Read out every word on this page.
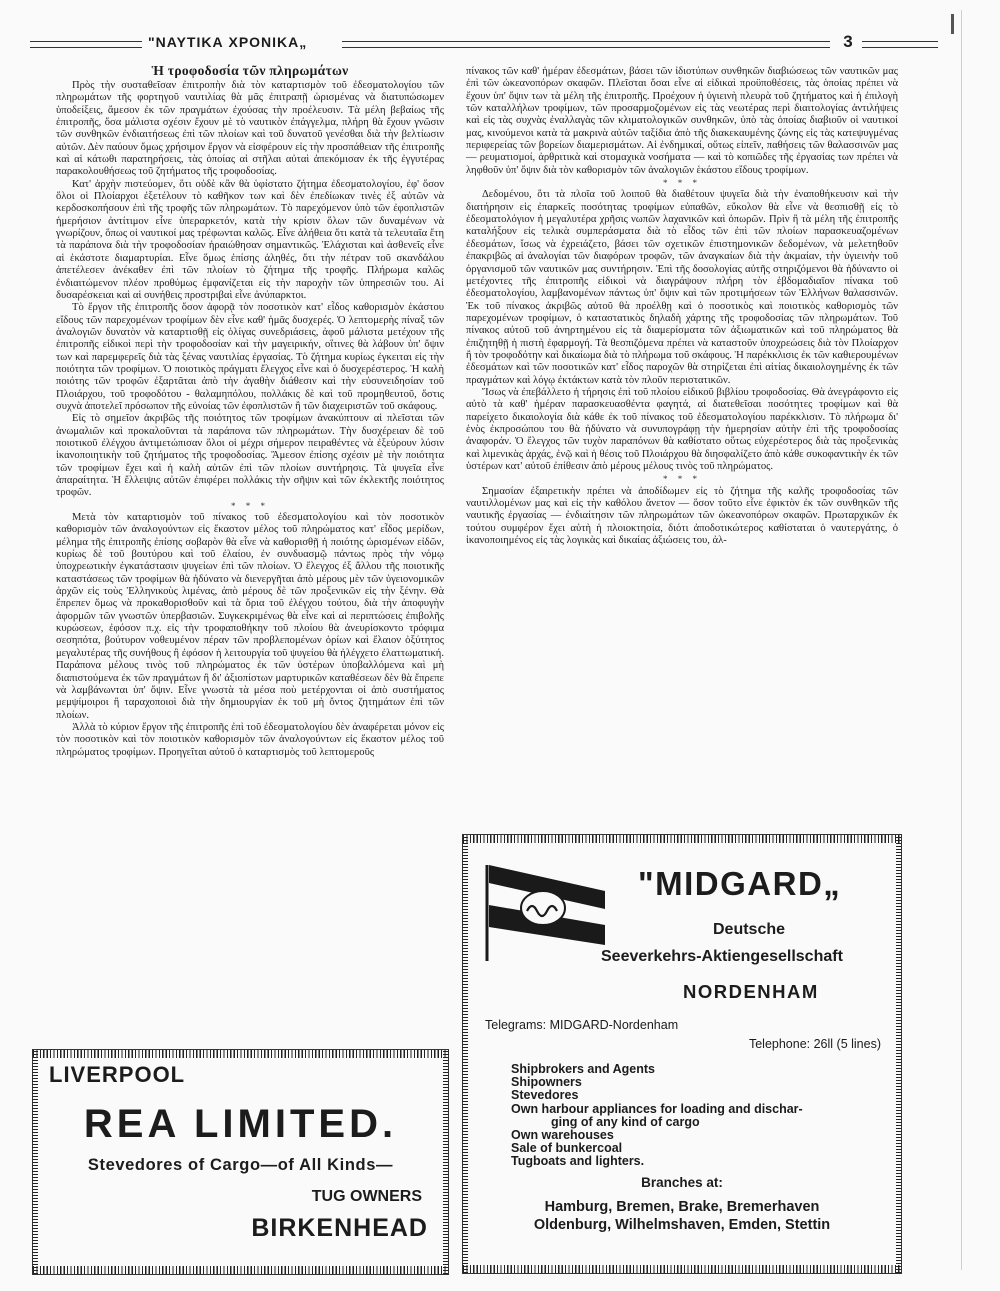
"ΝΑΥΤΙΚΑ ΧΡΟΝΙΚΑ„	3

Ἡ τροφοδοσία τῶν πληρωμάτων

Πρὸς τὴν συσταθεῖσαν ἐπιτροπὴν διὰ τὸν καταρτισμὸν τοῦ ἐδεσματολογίου τῶν πληρωμάτων τῆς φορτηγοῦ ναυτιλίας θὰ μᾶς ἐπιτραπῇ ὡρισμένας νὰ διατυπώσωμεν ὑποδείξεις, ἄμεσον ἐκ τῶν πραγμάτων ἐχούσας τὴν προέλευσιν. Τὰ μέλη βεβαίως τῆς ἐπιτροπῆς, ὅσα μάλιστα σχέσιν ἔχουν μὲ τὸ ναυτικὸν ἐπάγγελμα, πλήρη θὰ ἔχουν γνῶσιν τῶν συνθηκῶν ἐνδιαιτήσεως ἐπὶ τῶν πλοίων καὶ τοῦ δυνατοῦ γενέσθαι διὰ τὴν βελτίωσιν αὐτῶν. Δὲν παύουν ὅμως χρήσιμον ἔργον νὰ εἰσφέρουν εἰς τὴν προσπάθειαν τῆς ἐπιτροπῆς καὶ αἱ κάτωθι παρατηρήσεις, τὰς ὁποίας αἱ στῆλαι αὐταὶ ἀπεκόμισαν ἐκ τῆς ἐγγυτέρας παρακολουθήσεως τοῦ ζητήματος τῆς τροφοδοσίας.

Κατ' ἀρχὴν πιστεύομεν, ὅτι οὐδὲ κἂν θὰ ὑφίστατο ζήτημα ἐδεσματολογίου, ἐφ' ὅσον ὅλοι οἱ Πλοίαρχοι ἐξετέλουν τὸ καθῆκον των καὶ δὲν ἐπεδίωκαν τινὲς ἐξ αὐτῶν νὰ κερδοσκοπήσουν ἐπὶ τῆς τροφῆς τῶν πληρωμάτων. Τὸ παρεχόμενον ὑπὸ τῶν ἐφοπλιστῶν ἡμερήσιον ἀντίτιμον εἶνε ὑπεραρκετόν, κατὰ τὴν κρίσιν ὅλων τῶν δυναμένων νὰ γνωρίζουν, ὅπως οἱ ναυτικοί μας τρέφωνται καλῶς. Εἶνε ἀλήθεια ὅτι κατὰ τὰ τελευταῖα ἔτη τὰ παράπονα διὰ τὴν τροφοδοσίαν ἠραιώθησαν σημαντικῶς. Ἐλάχισται καὶ ἀσθενεῖς εἶνε αἱ ἑκάστοτε διαμαρτυρίαι. Εἶνε ὅμως ἐπίσης ἀληθές, ὅτι τὴν πέτραν τοῦ σκανδάλου ἀπετέλεσεν ἀνέκαθεν ἐπὶ τῶν πλοίων τὸ ζήτημα τῆς τροφῆς. Πλήρωμα καλῶς ἐνδιαιτώμενον πλέον προθύμως ἐμφανίζεται εἰς τὴν παροχὴν τῶν ὑπηρεσιῶν του. Αἱ δυσαρέσκειαι καὶ αἱ συνήθεις προστριβαὶ εἶνε ἀνύπαρκτοι.

Τὸ ἔργον τῆς ἐπιτροπῆς ὅσον ἀφορᾷ τὸν ποσοτικὸν κατ' εἶδος καθορισμὸν ἑκάστου εἴδους τῶν παρεχομένων τροφίμων δὲν εἶνε καθ' ἡμᾶς δυσχερές. Ὁ λεπτομερὴς πίναξ τῶν ἀναλογιῶν δυνατὸν νὰ καταρτισθῇ εἰς ὀλίγας συνεδριάσεις, ἀφοῦ μάλιστα μετέχουν τῆς ἐπιτροπῆς εἰδικοὶ περὶ τὴν τροφοδοσίαν καὶ τὴν μαγειρικήν, οἵτινες θὰ λάβουν ὑπ' ὄψιν των καὶ παρεμφερεῖς διὰ τὰς ξένας ναυτιλίας ἐργασίας. Τὸ ζήτημα κυρίως ἐγκειται εἰς τὴν ποιότητα τῶν τροφίμων. Ὁ ποιοτικὸς πράγματι ἔλεγχος εἶνε καὶ ὁ δυσχερέστερος. Ἡ καλὴ ποιότης τῶν τροφῶν ἐξαρτᾶται ἀπὸ τὴν ἀγαθὴν διάθεσιν καὶ τὴν εὐσυνειδησίαν τοῦ Πλοιάρχου, τοῦ τροφοδότου - θαλαμηπόλου, πολλάκις δὲ καὶ τοῦ προμηθευτοῦ, ὅστις συχνὰ ἀποτελεῖ πρόσωπον τῆς εὐνοίας τῶν ἐφοπλιστῶν ἢ τῶν διαχειριστῶν τοῦ σκάφους.

Εἰς τὸ σημεῖον ἀκριβῶς τῆς ποιότητος τῶν τροφίμων ἀνακύπτουν αἱ πλεῖσται τῶν ἀνωμαλιῶν καὶ προκαλοῦνται τὰ παράπονα τῶν πληρωμάτων. Τὴν δυσχέρειαν δὲ τοῦ ποιοτικοῦ ἐλέγχου ἀντιμετώπισαν ὅλοι οἱ μέχρι σήμερον πειραθέντες νὰ ἐξεύρουν λύσιν ἱκανοποιητικὴν τοῦ ζητήματος τῆς τροφοδοσίας. Ἄμεσον ἐπίσης σχέσιν μὲ τὴν ποιότητα τῶν τροφίμων ἔχει καὶ ἡ καλὴ αὐτῶν ἐπὶ τῶν πλοίων συντήρησις. Τὰ ψυγεῖα εἶνε ἀπαραίτητα. Ἡ ἔλλειψις αὐτῶν ἐπιφέρει πολλάκις τὴν σῆψιν καὶ τῶν ἐκλεκτῆς ποιότητος τροφῶν.

* * *

Μετὰ τὸν καταρτισμὸν τοῦ πίνακος τοῦ ἐδεσματολογίου καὶ τὸν ποσοτικὸν καθορισμὸν τῶν ἀναλογούντων εἰς ἕκαστον μέλος τοῦ πληρώματος κατ' εἶδος μερίδων, μέλημα τῆς ἐπιτροπῆς ἐπίσης σοβαρὸν θὰ εἶνε νὰ καθορισθῇ ἡ ποιότης ὡρισμένων εἰδῶν, κυρίως δὲ τοῦ βουτύρου καὶ τοῦ ἐλαίου, ἐν συνδυασμῷ πάντως πρὸς τὴν νόμῳ ὑποχρεωτικὴν ἐγκατάστασιν ψυγείων ἐπὶ τῶν πλοίων. Ὁ ἔλεγχος ἐξ ἄλλου τῆς ποιοτικῆς καταστάσεως τῶν τροφίμων θὰ ἠδύνατο νὰ διενεργῆται ἀπὸ μέρους μὲν τῶν ὑγειονομικῶν ἀρχῶν εἰς τοὺς Ἑλληνικοὺς λιμένας, ἀπὸ μέρους δὲ τῶν προξενικῶν εἰς τὴν ξένην. Θὰ ἔπρεπεν ὅμως νὰ προκαθορισθοῦν καὶ τὰ ὅρια τοῦ ἐλέγχου τούτου, διὰ τὴν ἀποφυγὴν ἀφορμῶν τῶν γνωστῶν ὑπερβασιῶν. Συγκεκριμένως θὰ εἶνε καὶ αἱ περιπτώσεις ἐπιβολῆς κυρώσεων, ἐφόσον π.χ. εἰς τὴν τροφαποθήκην τοῦ πλοίου θὰ ἀνευρίσκοντο τρόφιμα σεσηπότα, βούτυρον νοθευμένον πέραν τῶν προβλεπομένων ὁρίων καὶ ἔλαιον ὀξύτητος μεγαλυτέρας τῆς συνήθους ἢ ἐφόσον ἡ λειτουργία τοῦ ψυγείου θὰ ἠλέγχετο ἐλαττωματική. Παράπονα μέλους τινὸς τοῦ πληρώματος ἐκ τῶν ὑστέρων ὑποβαλλόμενα καὶ μὴ διαπιστούμενα ἐκ τῶν πραγμάτων ἢ δι' ἀξιοπίστων μαρτυρικῶν καταθέσεων δὲν θὰ ἔπρεπε νὰ λαμβάνωνται ὑπ' ὄψιν. Εἶνε γνωστὰ τὰ μέσα ποὺ μετέρχονται οἱ ἀπὸ συστήματος μεμψίμοιροι ἢ ταραχοποιοὶ διὰ τὴν δημιουργίαν ἐκ τοῦ μὴ ὄντος ζητημάτων ἐπὶ τῶν πλοίων.

Ἀλλὰ τὸ κύριον ἔργον τῆς ἐπιτροπῆς ἐπὶ τοῦ ἐδεσματολογίου δὲν ἀναφέρεται μόνον εἰς τὸν ποσοτικὸν καὶ τὸν ποιοτικὸν καθορισμὸν τῶν ἀναλογούντων εἰς ἕκαστον μέλος τοῦ πληρώματος τροφίμων. Προηγεῖται αὐτοῦ ὁ καταρτισμὸς τοῦ λεπτομεροῦς

πίνακος τῶν καθ' ἡμέραν ἐδεσμάτων, βάσει τῶν ἰδιοτύπων συνθηκῶν διαβιώσεως τῶν ναυτικῶν μας ἐπὶ τῶν ὠκεανοπόρων σκαφῶν. Πλεῖσται ὅσαι εἶνε αἱ εἰδικαὶ προϋποθέσεις, τὰς ὁποίας πρέπει νὰ ἔχουν ὑπ' ὄψιν των τὰ μέλη τῆς ἐπιτροπῆς. Προέχουν ἡ ὑγιεινὴ πλευρὰ τοῦ ζητήματος καὶ ἡ ἐπιλογὴ τῶν καταλλήλων τροφίμων, τῶν προσαρμοζομένων εἰς τὰς νεωτέρας περὶ διαιτολογίας ἀντιλήψεις καὶ εἰς τὰς συχνὰς ἐναλλαγὰς τῶν κλιματολογικῶν συνθηκῶν, ὑπὸ τὰς ὁποίας διαβιοῦν οἱ ναυτικοί μας, κινούμενοι κατὰ τὰ μακρινὰ αὐτῶν ταξίδια ἀπὸ τῆς διακεκαυμένης ζώνης εἰς τὰς κατεψυγμένας περιφερείας τῶν βορείων διαμερισμάτων. Αἱ ἐνδημικαί, οὕτως εἰπεῖν, παθήσεις τῶν θαλασσινῶν μας — ρευματισμοί, ἀρθριτικὰ καὶ στομαχικὰ νοσήματα — καὶ τὸ κοπιῶδες τῆς ἐργασίας των πρέπει νὰ ληφθοῦν ὑπ' ὄψιν διὰ τὸν καθορισμὸν τῶν ἀναλογιῶν ἑκάστου εἴδους τροφίμων.

* * *

Δεδομένου, ὅτι τὰ πλοῖα τοῦ λοιποῦ θὰ διαθέτουν ψυγεῖα διὰ τὴν ἐναποθήκευσιν καὶ τὴν διατήρησιν εἰς ἐπαρκεῖς ποσότητας τροφίμων εὐπαθῶν, εὔκολον θὰ εἶνε νὰ θεσπισθῇ εἰς τὸ ἐδεσματολόγιον ἡ μεγαλυτέρα χρῆσις νωπῶν λαχανικῶν καὶ ὀπωρῶν. Πρὶν ἢ τὰ μέλη τῆς ἐπιτροπῆς καταλήξουν εἰς τελικὰ συμπεράσματα διὰ τὸ εἶδος τῶν ἐπὶ τῶν πλοίων παρασκευαζομένων ἐδεσμάτων, ἴσως νὰ ἐχρειάζετο, βάσει τῶν σχετικῶν ἐπιστημονικῶν δεδομένων, νὰ μελετηθοῦν ἐπακριβῶς αἱ ἀναλογίαι τῶν διαφόρων τροφῶν, τῶν ἀναγκαίων διὰ τὴν ἀκμαίαν, τὴν ὑγιεινὴν τοῦ ὀργανισμοῦ τῶν ναυτικῶν μας συντήρησιν. Ἐπὶ τῆς δοσολογίας αὐτῆς στηριζόμενοι θὰ ἠδύναντο οἱ μετέχοντες τῆς ἐπιτροπῆς εἰδικοὶ νὰ διαγράψουν πλήρη τὸν ἑβδομαδιαῖον πίνακα τοῦ ἐδεσματολογίου, λαμβανομένων πάντως ὑπ' ὄψιν καὶ τῶν προτιμήσεων τῶν Ἑλλήνων θαλασσινῶν. Ἐκ τοῦ πίνακος ἀκριβῶς αὐτοῦ θὰ προέλθῃ καὶ ὁ ποσοτικὸς καὶ ποιοτικὸς καθορισμὸς τῶν παρεχομένων τροφίμων, ὁ καταστατικὸς δηλαδὴ χάρτης τῆς τροφοδοσίας τῶν πληρωμάτων. Τοῦ πίνακος αὐτοῦ τοῦ ἀνηρτημένου εἰς τὰ διαμερίσματα τῶν ἀξιωματικῶν καὶ τοῦ πληρώματος θὰ ἐπιζητηθῇ ἡ πιστὴ ἐφαρμογή. Τὰ θεσπιζόμενα πρέπει νὰ καταστοῦν ὑποχρεώσεις διὰ τὸν Πλοίαρχον ἢ τὸν τροφοδότην καὶ δικαίωμα διὰ τὸ πλήρωμα τοῦ σκάφους. Ἡ παρέκκλισις ἐκ τῶν καθιερουμένων ἐδεσμάτων καὶ τῶν ποσοτικῶν κατ' εἶδος παροχῶν θὰ στηρίζεται ἐπὶ αἰτίας δικαιολογημένης ἐκ τῶν πραγμάτων καὶ λόγῳ ἐκτάκτων κατὰ τὸν πλοῦν περιστατικῶν.

Ἴσως νὰ ἐπεβάλλετο ἡ τήρησις ἐπὶ τοῦ πλοίου εἰδικοῦ βιβλίου τροφοδοσίας. Θὰ ἀνεγράφοντο εἰς αὐτὸ τὰ καθ' ἡμέραν παρασκευασθέντα φαγητά, αἱ διατεθεῖσαι ποσότητες τροφίμων καὶ θὰ παρείχετο δικαιολογία διὰ κάθε ἐκ τοῦ πίνακος τοῦ ἐδεσματολογίου παρέκκλισιν. Τὸ πλήρωμα δι' ἑνὸς ἐκπροσώπου του θὰ ἠδύνατο νὰ συνυπογράφῃ τὴν ἡμερησίαν αὐτὴν ἐπὶ τῆς τροφοδοσίας ἀναφοράν. Ὁ ἔλεγχος τῶν τυχὸν παραπόνων θὰ καθίστατο οὕτως εὐχερέστερος διὰ τὰς προξενικὰς καὶ λιμενικὰς ἀρχάς, ἐνῷ καὶ ἡ θέσις τοῦ Πλοιάρχου θὰ διησφαλίζετο ἀπὸ κάθε συκοφαντικὴν ἐκ τῶν ὑστέρων κατ' αὐτοῦ ἐπίθεσιν ἀπὸ μέρους μέλους τινὸς τοῦ πληρώματος.

* * *

Σημασίαν ἐξαιρετικὴν πρέπει νὰ ἀποδίδωμεν εἰς τὸ ζήτημα τῆς καλῆς τροφοδοσίας τῶν ναυτιλλομένων μας καὶ εἰς τὴν καθόλου ἄνετον — ὅσον τοῦτο εἶνε ἐφικτὸν ἐκ τῶν συνθηκῶν τῆς ναυτικῆς ἐργασίας — ἐνδιαίτησιν τῶν πληρωμάτων τῶν ὠκεανοπόρων σκαφῶν. Πρωταρχικῶν ἐκ τούτου συμφέρον ἔχει αὐτὴ ἡ πλοιοκτησία, διότι ἀποδοτικώτερος καθίσταται ὁ ναυτεργάτης, ὁ ἱκανοποιημένος εἰς τὰς λογικὰς καὶ δικαίας ἀξιώσεις του, ἀλ-

LIVERPOOL
REA LIMITED.
Stevedores of Cargo—of All Kinds—
TUG OWNERS
BIRKENHEAD
"MIDGARD„
Deutsche
Seeverkehrs-Aktiengesellschaft
NORDENHAM
Telegrams: MIDGARD-Nordenham
Telephone: 26ll (5 lines)
Shipbrokers and Agents
Shipowners
Stevedores
Own harbour appliances for loading and dischar-
ging of any kind of cargo
Own warehouses
Sale of bunkercoal
Tugboats and lighters.
Branches at:
Hamburg, Bremen, Brake, Bremerhaven
Oldenburg, Wilhelmshaven, Emden, Stettin
